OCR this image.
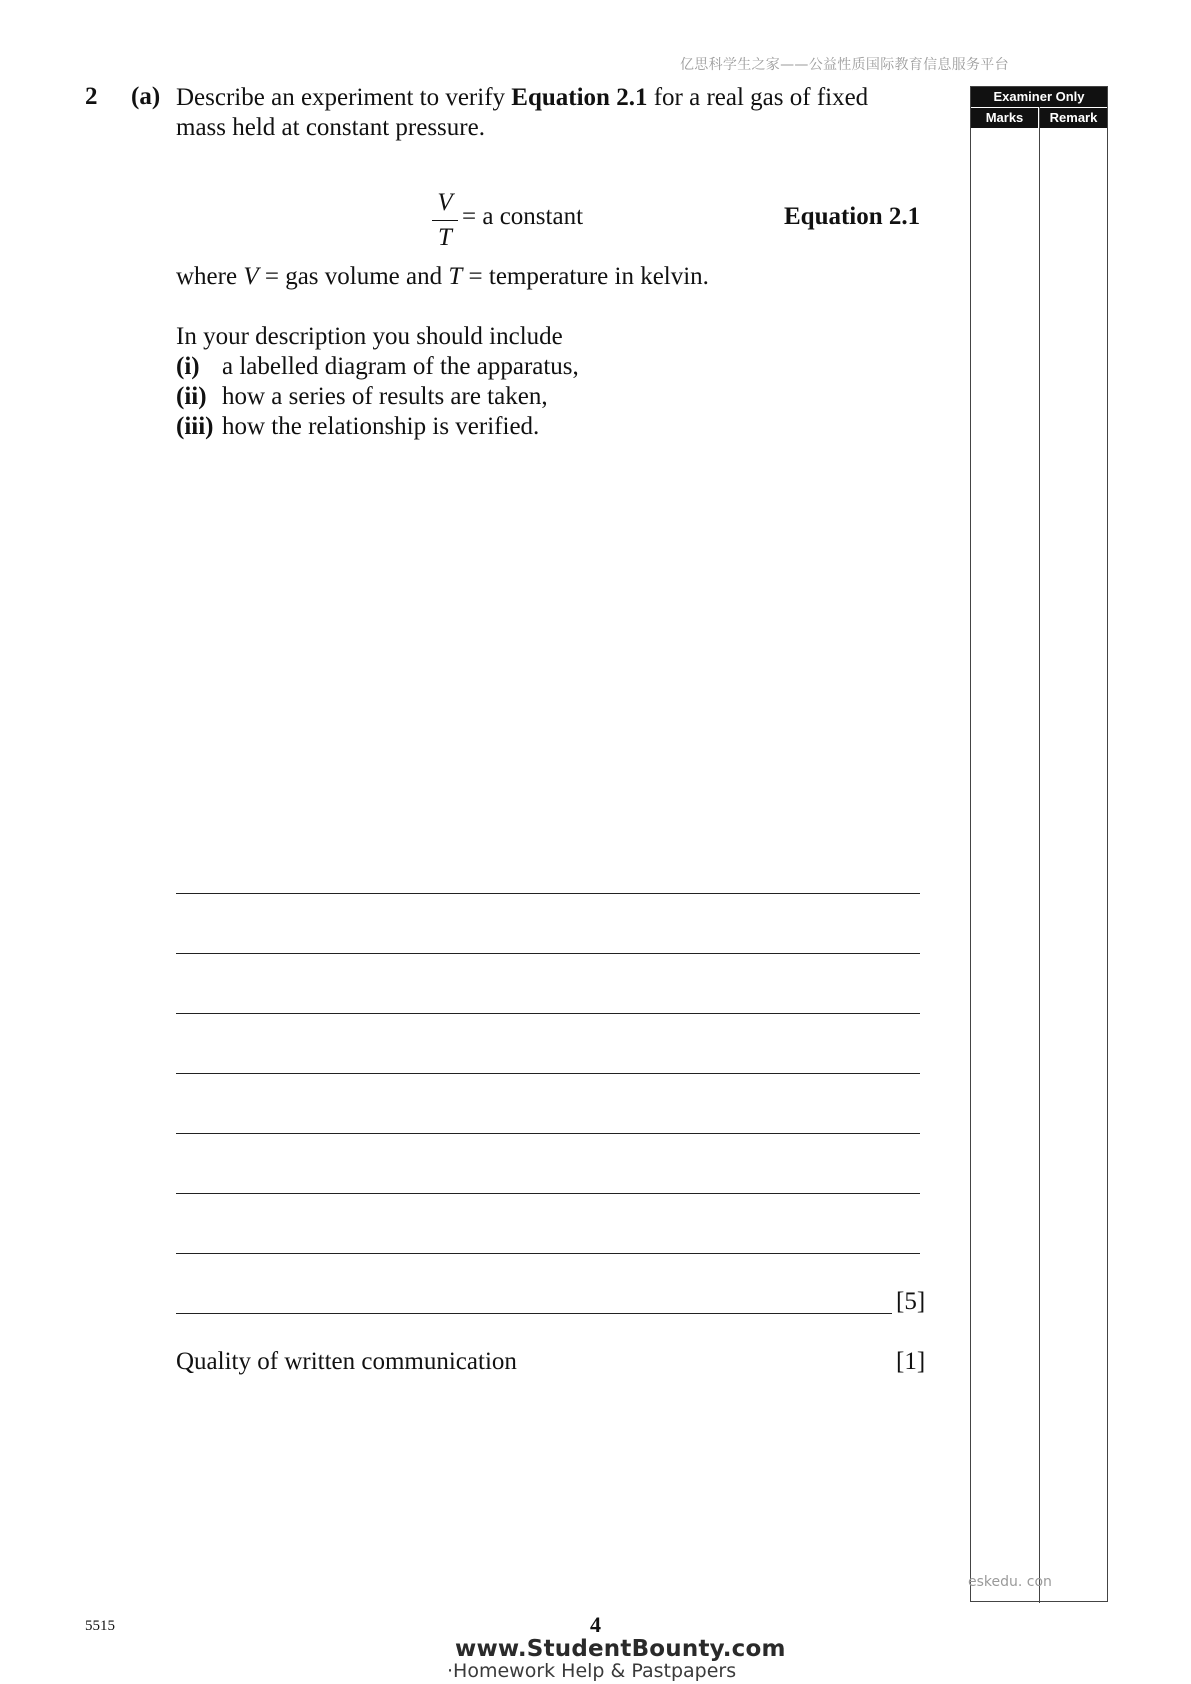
亿思科学生之家——公益性质国际教育信息服务平台
2 (a) Describe an experiment to verify Equation 2.1 for a real gas of fixed mass held at constant pressure.
$\frac{V}{T} = a$ constant	Equation 2.1
where V = gas volume and T = temperature in kelvin.
In your description you should include
(i) a labelled diagram of the apparatus,
(ii) how a series of results are taken,
(iii) how the relationship is verified.
[5]
Quality of written communication	[1]
Examiner Only
Marks	Remark
eskedu. con
5515	4
www.StudentBounty.com
·Homework Help & Pastpapers
